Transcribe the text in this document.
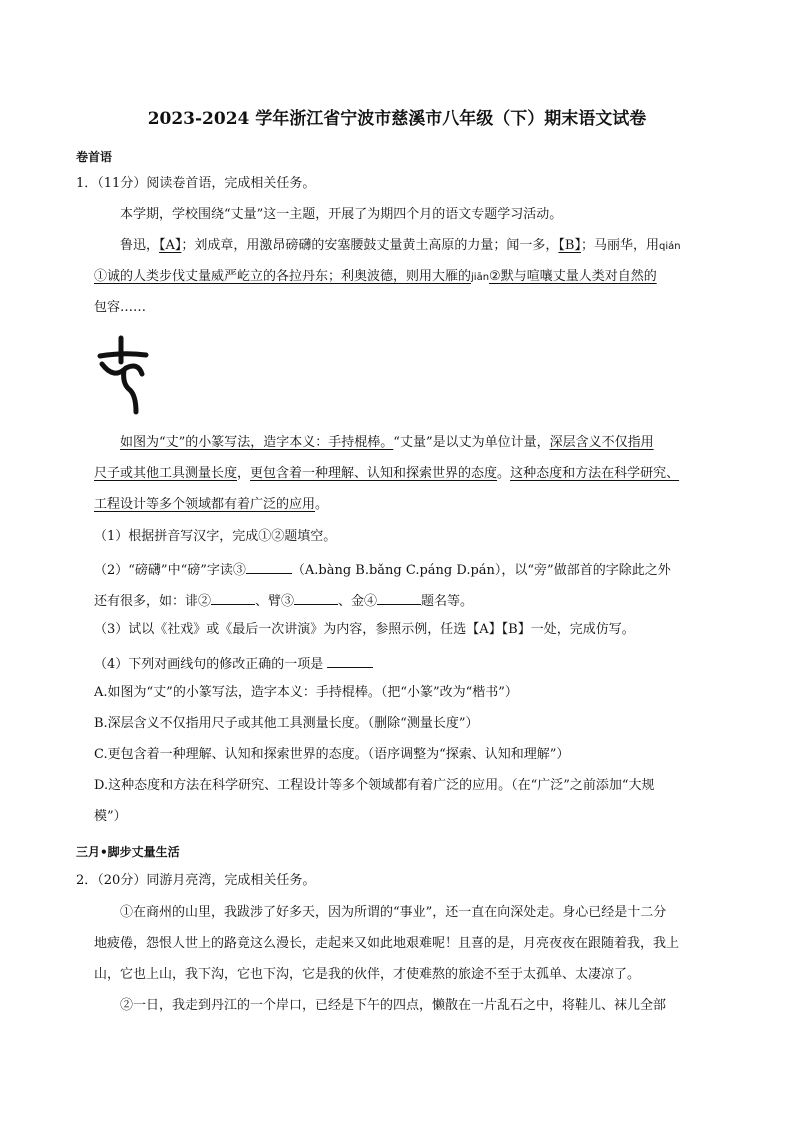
2023-2024 学年浙江省宁波市慈溪市八年级（下）期末语文试卷
卷首语
1．（11分）阅读卷首语，完成相关任务。
本学期，学校围绕“丈量”这一主题，开展了为期四个月的语文专题学习活动。
鲁迅，【A】；刘成章，用激昂磅礴的安塞腰鼓丈量黄土高原的力量；闻一多，【B】；马丽华，用qián
①诚的人类步伐丈量威严屹立的各拉丹东；利奥波德，则用大雁的jiān②默与喧嚷丈量人类对自然的
包容……
如图为“丈”的小篆写法，造字本义：手持棍棒。“丈量”是以丈为单位计量，深层含义不仅指用
尺子或其他工具测量长度，更包含着一种理解、认知和探索世界的态度。这种态度和方法在科学研究、
工程设计等多个领域都有着广泛的应用。
（1）根据拼音写汉字，完成①②题填空。
（2）“磅礴”中“磅”字读③	（A.bàng B.bǎng C.páng D.pán），以“旁”做部首的字除此之外
还有很多，如：诽②	、臂③	、金④	题名等。
（3）试以《社戏》或《最后一次讲演》为内容，参照示例，任选【A】【B】一处，完成仿写。
（4）下列对画线句的修改正确的一项是
A.如图为“丈”的小篆写法，造字本义：手持棍棒。（把“小篆”改为“楷书”）
B.深层含义不仅指用尺子或其他工具测量长度。（删除“测量长度”）
C.更包含着一种理解、认知和探索世界的态度。（语序调整为“探索、认知和理解”）
D.这种态度和方法在科学研究、工程设计等多个领域都有着广泛的应用。（在“广泛”之前添加“大规
模”）
三月•脚步丈量生活
2．（20分）同游月亮湾，完成相关任务。
①在商州的山里，我跋涉了好多天，因为所谓的“事业”，还一直在向深处走。身心已经是十二分
地疲倦，怨恨人世上的路竟这么漫长，走起来又如此地艰难呢！且喜的是，月亮夜夜在跟随着我，我上
山，它也上山，我下沟，它也下沟，它是我的伙伴，才使难熬的旅途不至于太孤单、太凄凉了。
②一日，我走到丹江的一个岸口，已经是下午的四点，懒散在一片乱石之中，将鞋儿、袜儿全部
